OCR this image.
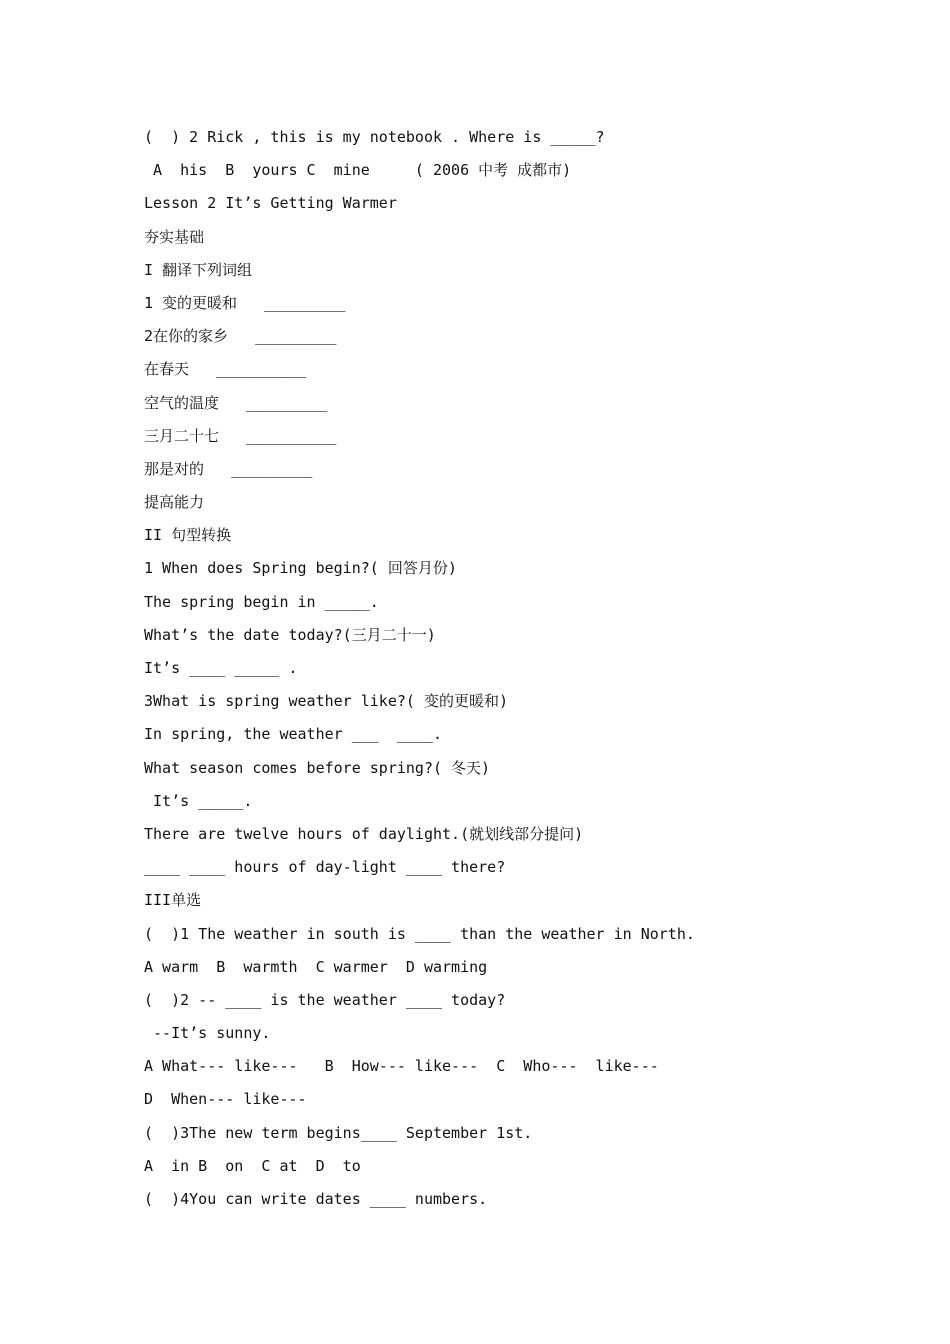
(  ) 2 Rick , this is my notebook . Where is _____?
A  his  B  yours C  mine     ( 2006 中考 成都市)
Lesson 2 It’s Getting Warmer
夯实基础
I 翻译下列词组
1 变的更暖和   _________
2在你的家乡   _________
在春天   __________
空气的温度   _________
三月二十七   __________
那是对的   _________
提高能力
II 句型转换
1 When does Spring begin?( 回答月份)
The spring begin in _____.
What’s the date today?(三月二十一)
It’s ____ _____ .
3What is spring weather like?( 变的更暖和)
In spring, the weather ___  ____.
What season comes before spring?( 冬天)
It’s _____.
There are twelve hours of daylight.(就划线部分提问)
____ ____ hours of day-light ____ there?
III单选
(  )1 The weather in south is ____ than the weather in North.
A warm  B  warmth  C warmer  D warming
(  )2 -- ____ is the weather ____ today?
--It’s sunny.
A What--- like---   B  How--- like---  C  Who---  like---
D  When--- like---
(  )3The new term begins____ September 1st.
A  in B  on  C at  D  to
(  )4You can write dates ____ numbers.
